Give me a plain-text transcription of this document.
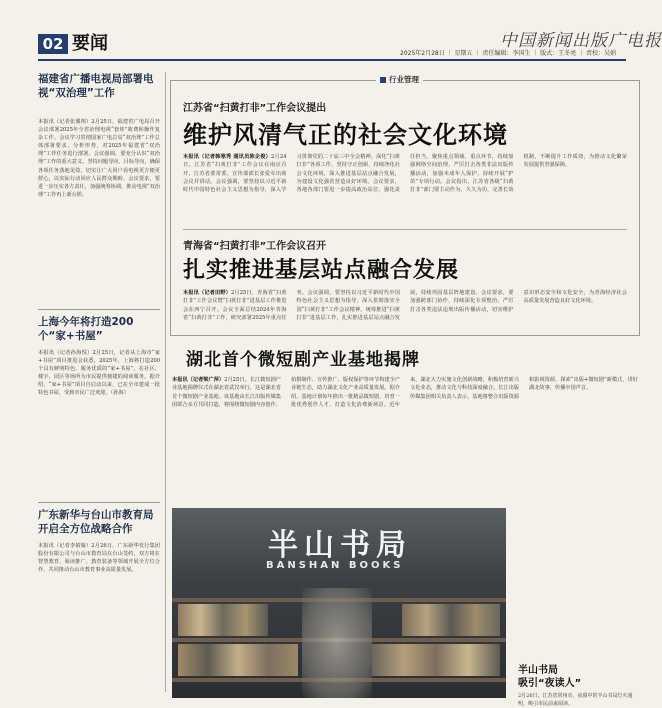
02 要闻	2025年2月28日 ｜ 星期五 ｜ 责任编辑：李国生 ｜ 版式：王冬亮 ｜ 责校：吴娟
中国新闻出版广电报
福建省广播电视局部署电视“双治理”工作
本报讯（记者张翼翔）2月25日，福建省广电局召开会议部署2025年全省治理电视“套娃”收费和操作复杂工作。会议学习贯彻国家广电总局“双治理”工作总体部署要求，分析形势，对2025年福建省“双治理”工作任务进行部署。会议强调，要充分认识“双治理”工作的重大意义，坚持问题导向、目标导向，确保各项任务落地见效，切实让广大用户看电视更方便更舒心，以实际行动回应人民群众期盼。会议要求，要进一步压实各方责任，加强统筹协调，推动电视“双治理”工作再上新台阶。
上海今年将打造200个“家+书屋”
本报讯（记者孙海悦）2月25日，记者从上海市“家+书屋”项目推进会获悉，2025年，上海将打造200个具有鲜明特色、服务优质的“家+书屋”，在社区、楼宇、园区等场所为市民提供便捷的阅读服务。据介绍，“家+书屋”项目自启动以来，已在全市建成一批特色书屋，受到市民广泛欢迎。（孙海）
广东新华与台山市教育局开启全方位战略合作
本报讯（记者李婧璇）2月26日，广东新华发行集团股份有限公司与台山市教育局在台山签约，双方将在智慧教育、阅读推广、教育装备等领域开展全方位合作，共同推动台山市教育事业高质量发展。
行业管理
江苏省“扫黄打非”工作会议提出
维护风清气正的社会文化环境
本报讯（记者韩寒秀 通讯员陈企俊）2月24日，江苏省“扫黄打非”工作会议在南京召开，江苏省委常委、宣传部部长张爱军出席会议并讲话。会议强调，要坚持以习近平新时代中国特色社会主义思想为指导，深入学习贯彻党的二十届三中全会精神，深化“扫黄打非”各项工作，坚持守正创新，持续净化社会文化环境，深入推进基层站点融合发展，为建设文化强省营造良好环境。会议要求，各地各部门要进一步提高政治站位，强化责任担当，聚焦重点领域、重点环节，持续加强网络空间治理，严厉打击各类非法出版传播活动，加强未成年人保护，持续开展“护苗”专项行动。会议指出，江苏省各级“扫黄打非”部门要主动作为、久久为功，完善长效机制，不断提升工作质效，为推动文化繁荣发展提供坚强保障。
青海省“扫黄打非”工作会议召开
扎实推进基层站点融合发展
本报讯（记者田野）2月25日，青海省“扫黄打非”工作会议暨“扫黄打非”进基层工作推进会在西宁召开。会议全面总结2024年青海省“扫黄打非”工作，研究部署2025年重点任务。会议强调，要坚持以习近平新时代中国特色社会主义思想为指导，深入贯彻落实全国“扫黄打非”工作会议精神，统筹推进“扫黄打非”进基层工作，扎实推进基层站点融合发展，持续巩固基层阵地建设。会议要求，要加强跨部门协作，持续深化专项整治，严厉打击各类违法违规出版传播活动，切实维护意识形态安全和文化安全，为青海经济社会高质量发展营造良好文化环境。
湖北首个微短剧产业基地揭牌
本报讯（记者梁广萍）2月25日，长江微短剧产业基地揭牌仪式在湖北省武汉举行，这是湖北省首个微短剧产业基地。该基地由长江出版传媒集团联合多方共同打造，将围绕微短剧内容创作、拍摄制作、宣传推广、版权保护等环节构建全产业链生态，助力湖北文化产业高质量发展。据介绍，基地计划每年推出一批精品微短剧，培育一批优秀创作人才，打造文化消费新场景。近年来，湖北大力实施文化创新战略，积极培育新兴文化业态，推动文化与科技深度融合。长江出版传媒集团相关负责人表示，基地将整合出版资源和影视资源，探索“出版+微短剧”新模式，讲好湖北故事，传播中国声音。
半山书局
BANSHAN BOOKS
半山书局
吸引“夜读人”
2月26日，江苏省常州市，夜幕中的半山书局灯火通明，吸引市民前来阅读。
